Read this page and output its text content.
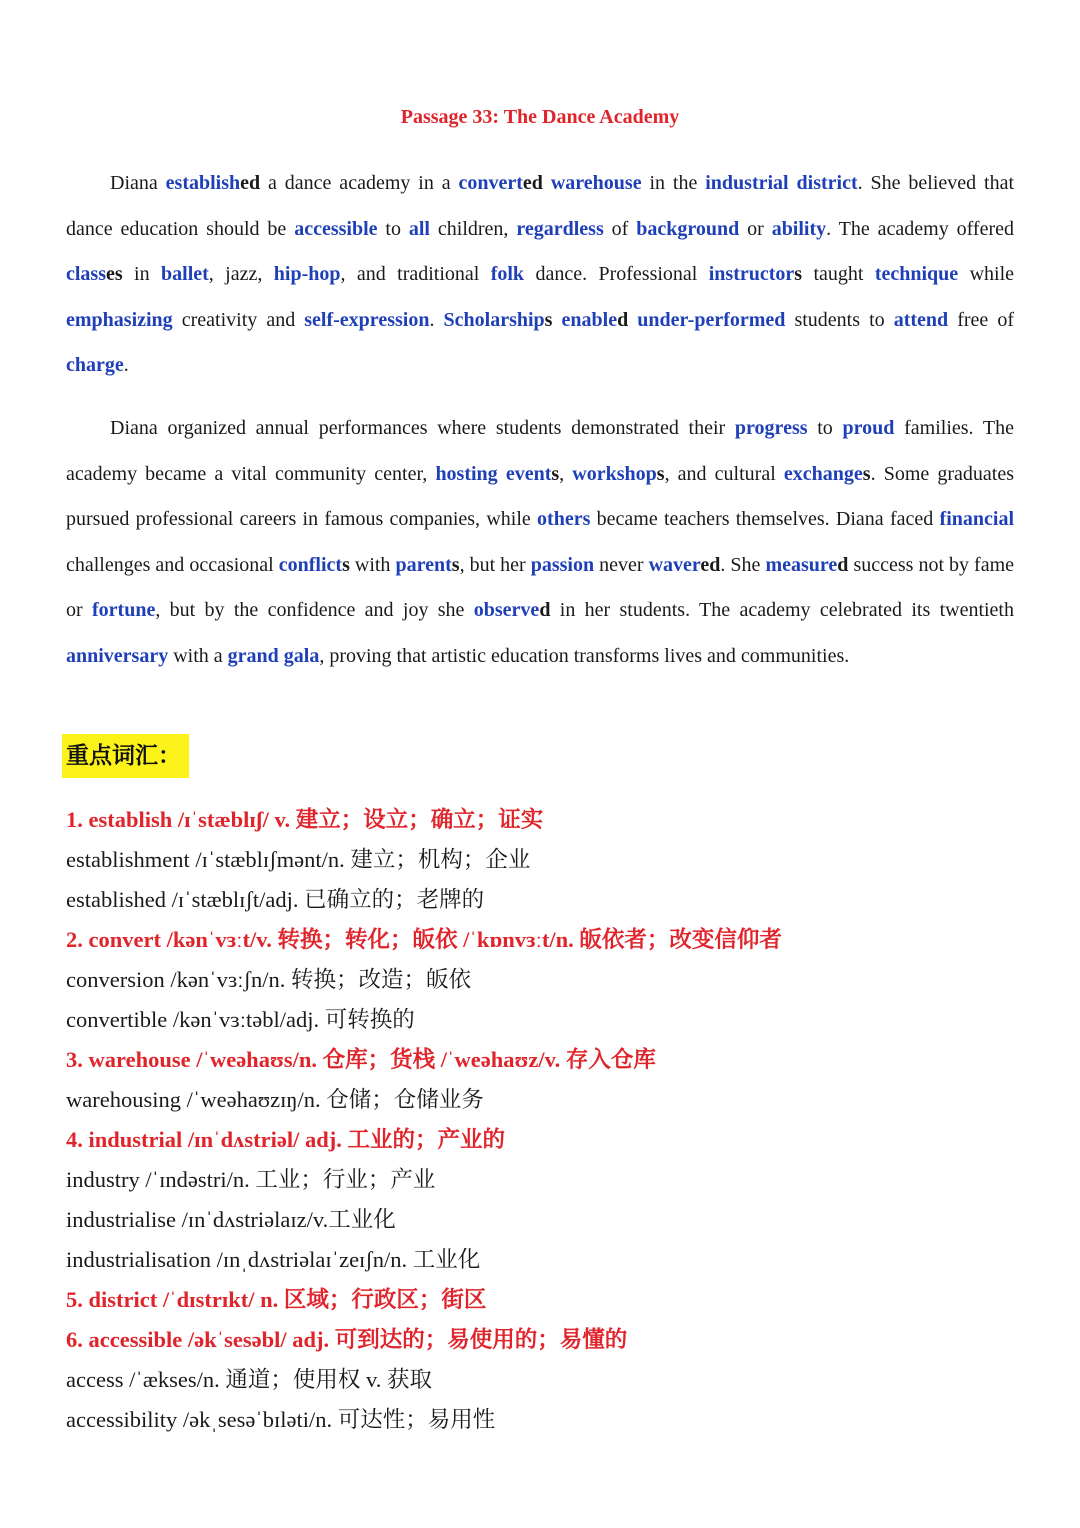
Passage 33: The Dance Academy

Diana established a dance academy in a converted warehouse in the industrial district. She believed that dance education should be accessible to all children, regardless of background or ability. The academy offered classes in ballet, jazz, hip-hop, and traditional folk dance. Professional instructors taught technique while emphasizing creativity and self-expression. Scholarships enabled under-performed students to attend free of charge.

Diana organized annual performances where students demonstrated their progress to proud families. The academy became a vital community center, hosting events, workshops, and cultural exchanges. Some graduates pursued professional careers in famous companies, while others became teachers themselves. Diana faced financial challenges and occasional conflicts with parents, but her passion never wavered. She measured success not by fame or fortune, but by the confidence and joy she observed in her students. The academy celebrated its twentieth anniversary with a grand gala, proving that artistic education transforms lives and communities.

重点词汇：
1. establish /ɪˈstæblɪʃ/ v. 建立；设立；确立；证实
establishment /ɪˈstæblɪʃmənt/n. 建立；机构；企业
established /ɪˈstæblɪʃt/adj. 已确立的；老牌的
2. convert /kənˈvɜːt/v. 转换；转化；皈依 /ˈkɒnvɜːt/n. 皈依者；改变信仰者
conversion /kənˈvɜːʃn/n. 转换；改造；皈依
convertible /kənˈvɜːtəbl/adj. 可转换的
3. warehouse /ˈweəhaʊs/n. 仓库；货栈 /ˈweəhaʊz/v. 存入仓库
warehousing /ˈweəhaʊzɪŋ/n. 仓储；仓储业务
4. industrial /ɪnˈdʌstriəl/ adj. 工业的；产业的
industry /ˈɪndəstri/n. 工业；行业；产业
industrialise /ɪnˈdʌstriəlaɪz/v.工业化
industrialisation /ɪnˌdʌstriəlaɪˈzeɪʃn/n. 工业化
5. district /ˈdɪstrɪkt/ n. 区域；行政区；街区
6. accessible /əkˈsesəbl/ adj. 可到达的；易使用的；易懂的
access /ˈækses/n. 通道；使用权 v. 获取
accessibility /əkˌsesəˈbɪləti/n. 可达性；易用性
